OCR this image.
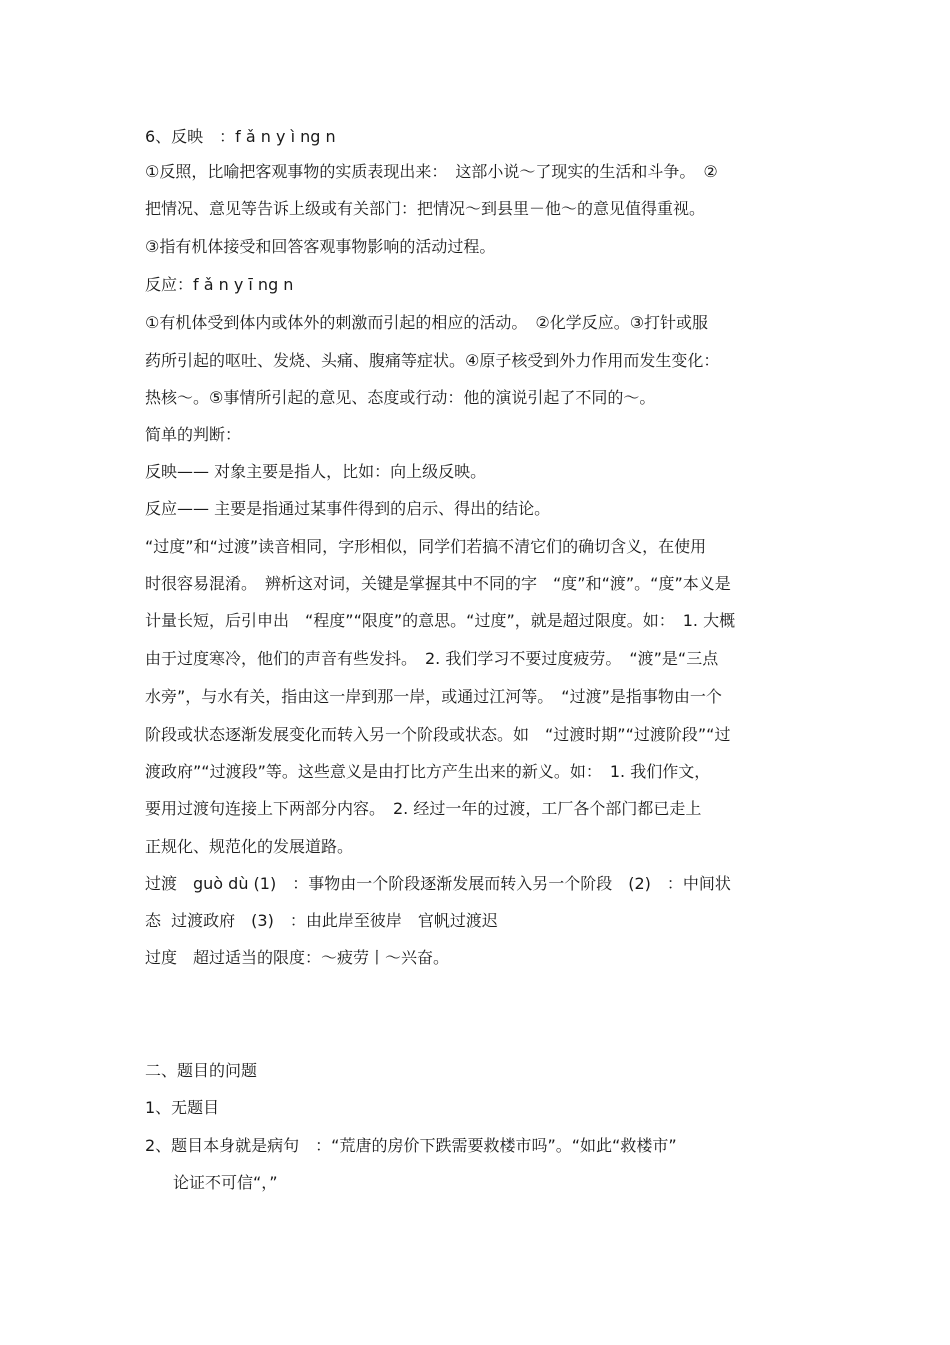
6、反映　：f ǎ n y ì ng n
①反照，比喻把客观事物的实质表现出来：　这部小说～了现实的生活和斗争。　②
把情况、意见等告诉上级或有关部门：把情况～到县里－他～的意见值得重视。
③指有机体接受和回答客观事物影响的活动过程。
反应：f ǎ n y ī ng n
①有机体受到体内或体外的刺激而引起的相应的活动。　②化学反应。③打针或服
药所引起的呕吐、发烧、头痛、腹痛等症状。④原子核受到外力作用而发生变化：
热核～。⑤事情所引起的意见、态度或行动：他的演说引起了不同的～。
简单的判断：
反映—— 对象主要是指人，比如：向上级反映。
反应—— 主要是指通过某事件得到的启示、得出的结论。
“过度”和“过渡”读音相同，字形相似，同学们若搞不清它们的确切含义，在使用
时很容易混淆。　辨析这对词，关键是掌握其中不同的字　“度”和“渡”。“度”本义是
计量长短，后引申出　“程度”“限度”的意思。“过度”，就是超过限度。如：　1. 大概
由于过度寒冷，他们的声音有些发抖。　2. 我们学习不要过度疲劳。　“渡”是“三点
水旁”，与水有关，指由这一岸到那一岸，或通过江河等。　“过渡”是指事物由一个
阶段或状态逐渐发展变化而转入另一个阶段或状态。如　“过渡时期”“过渡阶段”“过
渡政府”“过渡段”等。这些意义是由打比方产生出来的新义。如：　1. 我们作文，
要用过渡句连接上下两部分内容。　2. 经过一年的过渡，工厂各个部门都已走上
正规化、规范化的发展道路。
过渡　guò dù (1)　：事物由一个阶段逐渐发展而转入另一个阶段　(2)　：中间状
态  过渡政府　(3)　：由此岸至彼岸　官帆过渡迟
过度　超过适当的限度：～疲劳丨～兴奋。
二、题目的问题
1、无题目
2、题目本身就是病句　：“荒唐的房价下跌需要救楼市吗”。“如此“救楼市”
论证不可信“，”
